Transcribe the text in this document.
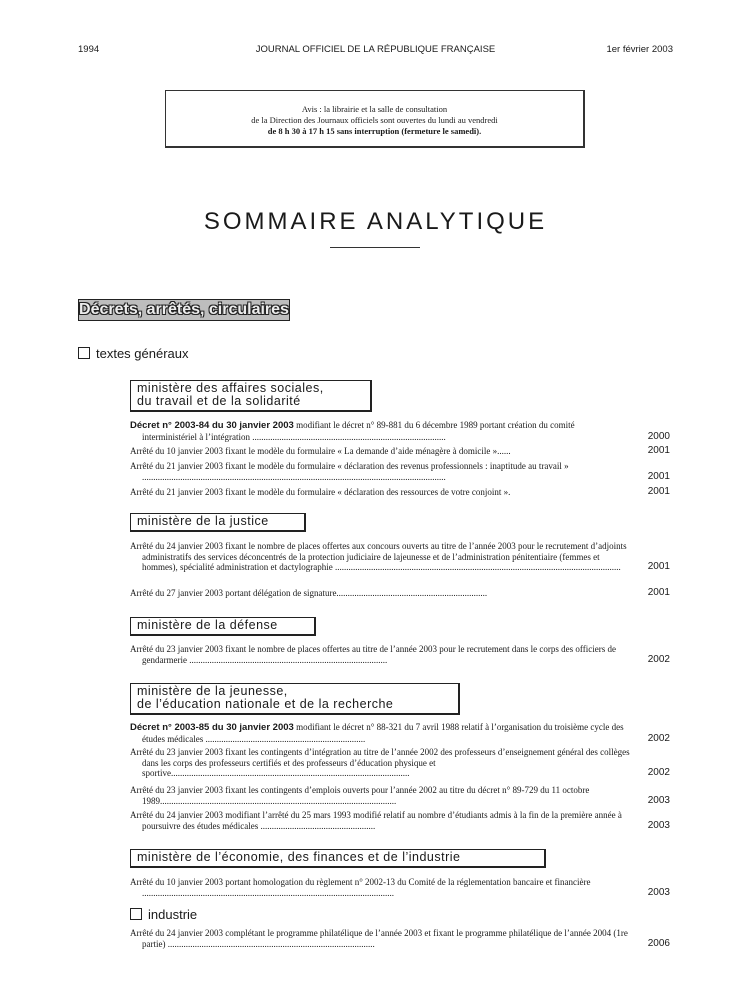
1994	JOURNAL OFFICIEL DE LA RÉPUBLIQUE FRANÇAISE	1er février 2003
Avis : la librairie et la salle de consultation
de la Direction des Journaux officiels sont ouvertes du lundi au vendredi
de 8 h 30 à 17 h 15 sans interruption (fermeture le samedi).
SOMMAIRE ANALYTIQUE
Décrets, arrêtés, circulaires
textes généraux
ministère des affaires sociales,
du travail et de la solidarité
Décret n° 2003-84 du 30 janvier 2003 modifiant le décret n° 89-881 du 6 décembre 1989 portant création du comité interministériel à l’intégration ......................................................................................	2000
Arrêté du 10 janvier 2003 fixant le modèle du formulaire « La demande d’aide ménagère à domicile »......	2001
Arrêté du 21 janvier 2003 fixant le modèle du formulaire « déclaration des revenus professionnels : inaptitude au travail » .......................................................................................................................................	2001
Arrêté du 21 janvier 2003 fixant le modèle du formulaire « déclaration des ressources de votre conjoint ».	2001
ministère de la justice
Arrêté du 24 janvier 2003 fixant le nombre de places offertes aux concours ouverts au titre de l’année 2003 pour le recrutement d’adjoints administratifs des services déconcentrés de la protection judiciaire de lajeunesse et de l’administration pénitentiaire (femmes et hommes), spécialité administration et dactylographie ...............................................................................................................................	2001
Arrêté du 27 janvier 2003 portant délégation de signature...................................................................	2001
ministère de la défense
Arrêté du 23 janvier 2003 fixant le nombre de places offertes au titre de l’année 2003 pour le recrutement dans le corps des officiers de gendarmerie ........................................................................................	2002
ministère de la jeunesse,
de l’éducation nationale et de la recherche
Décret n° 2003-85 du 30 janvier 2003 modifiant le décret n° 88-321 du 7 avril 1988 relatif à l’organisation du troisième cycle des études médicales .......................................................................	2002
Arrêté du 23 janvier 2003 fixant les contingents d’intégration au titre de l’année 2002 des professeurs d’enseignement général des collèges dans les corps des professeurs certifiés et des professeurs d’éducation physique et sportive..........................................................................................................	2002
Arrêté du 23 janvier 2003 fixant les contingents d’emplois ouverts pour l’année 2002 au titre du décret n° 89-729 du 11 octobre 1989.........................................................................................................	2003
Arrêté du 24 janvier 2003 modifiant l’arrêté du 25 mars 1993 modifié relatif au nombre d’étudiants admis à la fin de la première année à poursuivre des études médicales ...................................................	2003
ministère de l’économie, des finances et de l’industrie
Arrêté du 10 janvier 2003 portant homologation du règlement n° 2002-13 du Comité de la réglementation bancaire et financière ................................................................................................................	2003
industrie
Arrêté du 24 janvier 2003 complétant le programme philatélique de l’année 2003 et fixant le programme philatélique de l’année 2004 (1re partie) ............................................................................................	2006
